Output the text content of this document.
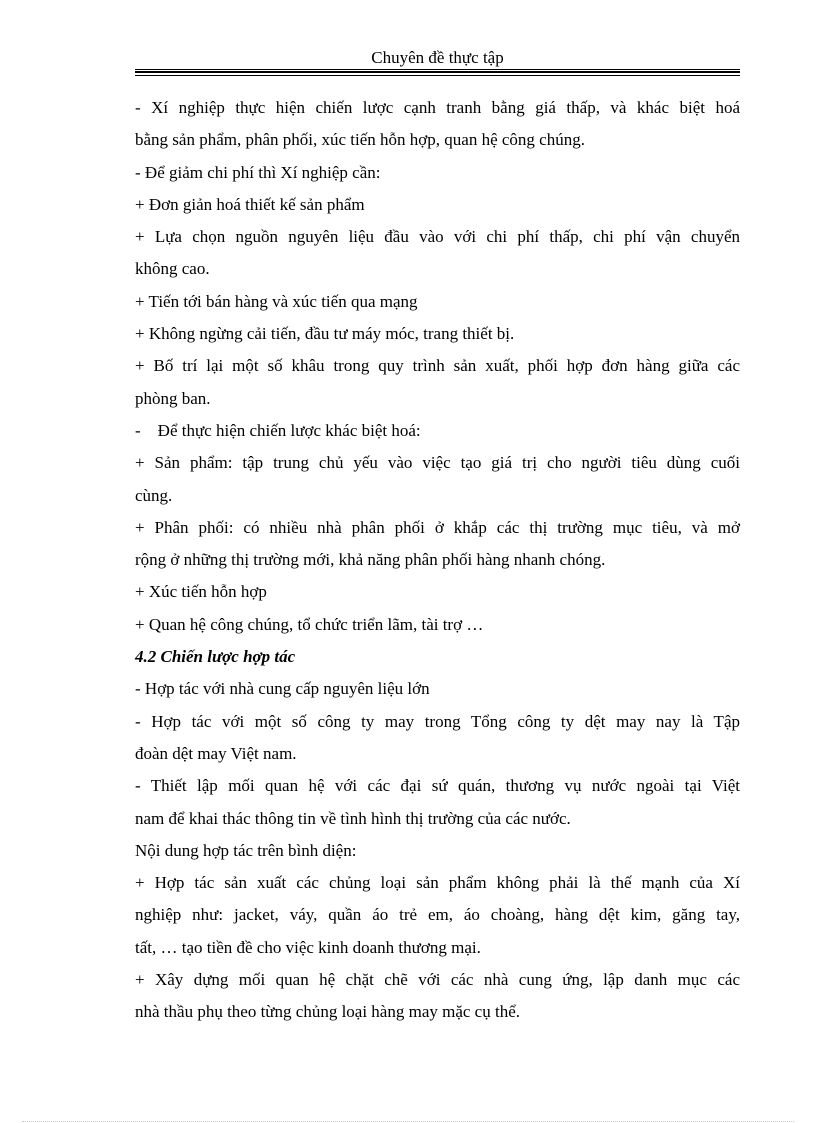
Chuyên đề thực tập
- Xí nghiệp thực hiện chiến lược cạnh tranh bằng giá thấp, và khác biệt hoá
bằng sản phẩm, phân phối, xúc tiến hỗn hợp, quan hệ công chúng.
- Để giảm chi phí thì Xí nghiệp cần:
+ Đơn giản hoá thiết kế sản phẩm
+ Lựa chọn nguồn nguyên liệu đầu vào với chi phí thấp, chi phí vận chuyển
không cao.
+ Tiến tới bán hàng và xúc tiến qua mạng
+ Không ngừng cải tiến, đầu tư máy móc, trang thiết bị.
+ Bố trí lại một số khâu trong quy trình sản xuất, phối hợp đơn hàng giữa các
phòng ban.
-    Để thực hiện chiến lược khác biệt hoá:
+ Sản phẩm: tập trung chủ yếu vào việc tạo giá trị cho người tiêu dùng cuối
cùng.
+ Phân phối: có nhiều nhà phân phối ở khắp các thị trường mục tiêu, và mở
rộng ở những thị trường mới, khả năng phân phối hàng nhanh chóng.
+ Xúc tiến hỗn hợp
+ Quan hệ công chúng, tổ chức triển lãm, tài trợ …
4.2 Chiến lược hợp tác
- Hợp tác với nhà cung cấp nguyên liệu lớn
- Hợp tác với một số công ty may trong Tổng công ty dệt may nay là Tập
đoàn dệt may Việt nam.
- Thiết lập mối quan hệ với các đại sứ quán, thương vụ nước ngoài tại Việt
nam để khai thác thông tin về tình hình thị trường của các nước.
Nội dung hợp tác trên bình diện:
+ Hợp tác sản xuất các chủng loại sản phẩm không phải là thế mạnh của Xí
nghiệp như: jacket, váy, quần áo trẻ em, áo choàng, hàng dệt kim, găng tay,
tất, … tạo tiền đề cho việc kinh doanh thương mại.
+ Xây dựng mối quan hệ chặt chẽ với các nhà cung ứng, lập danh mục các
nhà thầu phụ theo từng chủng loại hàng may mặc cụ thể.
